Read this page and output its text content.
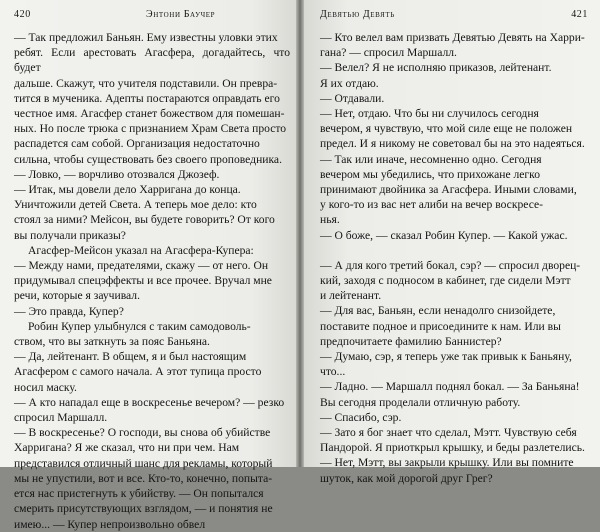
420	Энтони Баучер

— Так предложил Баньян. Ему известны уловки этих

ребят. Если арестовать Агасфера, догадайтесь, что будет

дальше. Скажут, что учителя подставили. Он превра-

тится в мученика. Адепты постараются оправдать его

честное имя. Агасфер станет божеством для помешан-

ных. Но после трюка с признанием Храм Света просто

распадется сам собой. Организация недостаточно

сильна, чтобы существовать без своего проповедника.

— Ловко, — ворчливо отозвался Джозеф.

— Итак, мы довели дело Харригана до конца.

Уничтожили детей Света. А теперь мое дело: кто

стоял за ними? Мейсон, вы будете говорить? От кого

вы получали приказы?

Агасфер-Мейсон указал на Агасфера-Купера:

— Между нами, предателями, скажу — от него. Он

придумывал спецэффекты и все прочее. Вручал мне

речи, которые я заучивал.

— Это правда, Купер?

Робин Купер улыбнулся с таким самодоволь-

ством, что вы заткнуть за пояс Баньяна.

— Да, лейтенант. В общем, я и был настоящим

Агасфером с самого начала. А этот тупица просто

носил маску.

— А кто нападал еще в воскресенье вечером? — резко

спросил Маршалл.

— В воскресенье? О господи, вы снова об убийстве

Харригана? Я же сказал, что ни при чем. Нам

представился отличный шанс для рекламы, который

мы не упустили, вот и все. Кто-то, конечно, попыта-

ется нас пристегнуть к убийству. — Он попытался

смерить присутствующих взглядом, — и понятия не

имею... — Купер непроизвольно обвел

Девятью Девять	421

— Кто велел вам призвать Девятью Девять на Харри-

гана? — спросил Маршалл.

— Велел? Я не исполняю приказов, лейтенант.

Я их отдаю.

— Отдавали.

— Нет, отдаю. Что бы ни случилось сегодня

вечером, я чувствую, что мой силе еще не положен

предел. И я никому не советовал бы на это надеяться.

— Так или иначе, несомненно одно. Сегодня

вечером мы убедились, что прихожане легко

принимают двойника за Агасфера. Иными словами,

у кого-то из вас нет алиби на вечер воскресе-

нья.

— О боже, — сказал Робин Купер. — Какой ужас.

— А для кого третий бокал, сэр? — спросил дворец-

кий, заходя с подносом в кабинет, где сидели Мэтт

и лейтенант.

— Для вас, Баньян, если ненадолго снизойдете,

поставите подное и присоедините к нам. Или вы

предпочитаете фамилию Баннистер?

— Думаю, сэр, я теперь уже так привык к Баньяну,

что...

— Ладно. — Маршалл поднял бокал. — За Баньяна!

Вы сегодня проделали отличную работу.

— Спасибо, сэр.

— Зато я бог знает что сделал, Мэтт. Чувствую себя

Пандорой. Я приоткрыл крышку, и беды разлетелись.

— Нет, Мэтт, вы закрыли крышку. Или вы помните

шуток, как мой дорогой друг Грег?
